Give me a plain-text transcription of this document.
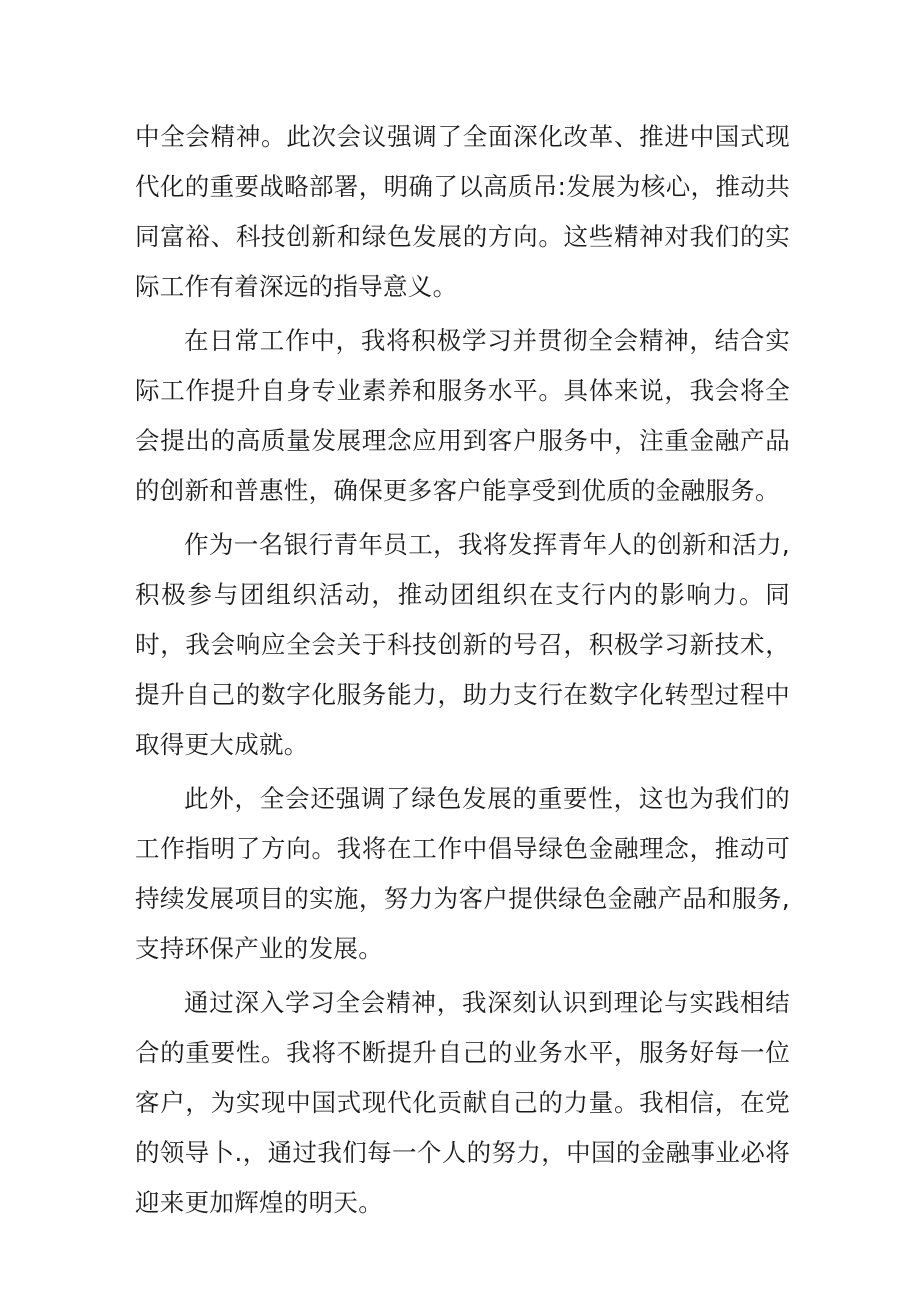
中全会精神。此次会议强调了全面深化改革、推进中国式现代化的重要战略部署，明确了以高质吊:发展为核心，推动共同富裕、科技创新和绿色发展的方向。这些精神对我们的实际工作有着深远的指导意义。

在日常工作中，我将积极学习并贯彻全会精神，结合实际工作提升自身专业素养和服务水平。具体来说，我会将全会提出的高质量发展理念应用到客户服务中，注重金融产品的创新和普惠性，确保更多客户能享受到优质的金融服务。

作为一名银行青年员工，我将发挥青年人的创新和活力,积极参与团组织活动，推动团组织在支行内的影响力。同时，我会响应全会关于科技创新的号召，积极学习新技术，提升自己的数字化服务能力，助力支行在数字化转型过程中取得更大成就。

此外，全会还强调了绿色发展的重要性，这也为我们的工作指明了方向。我将在工作中倡导绿色金融理念，推动可持续发展项目的实施，努力为客户提供绿色金融产品和服务,支持环保产业的发展。

通过深入学习全会精神，我深刻认识到理论与实践相结合的重要性。我将不断提升自己的业务水平，服务好每一位客户，为实现中国式现代化贡献自己的力量。我相信，在党的领导卜.，通过我们每一个人的努力，中国的金融事业必将迎来更加辉煌的明天。
